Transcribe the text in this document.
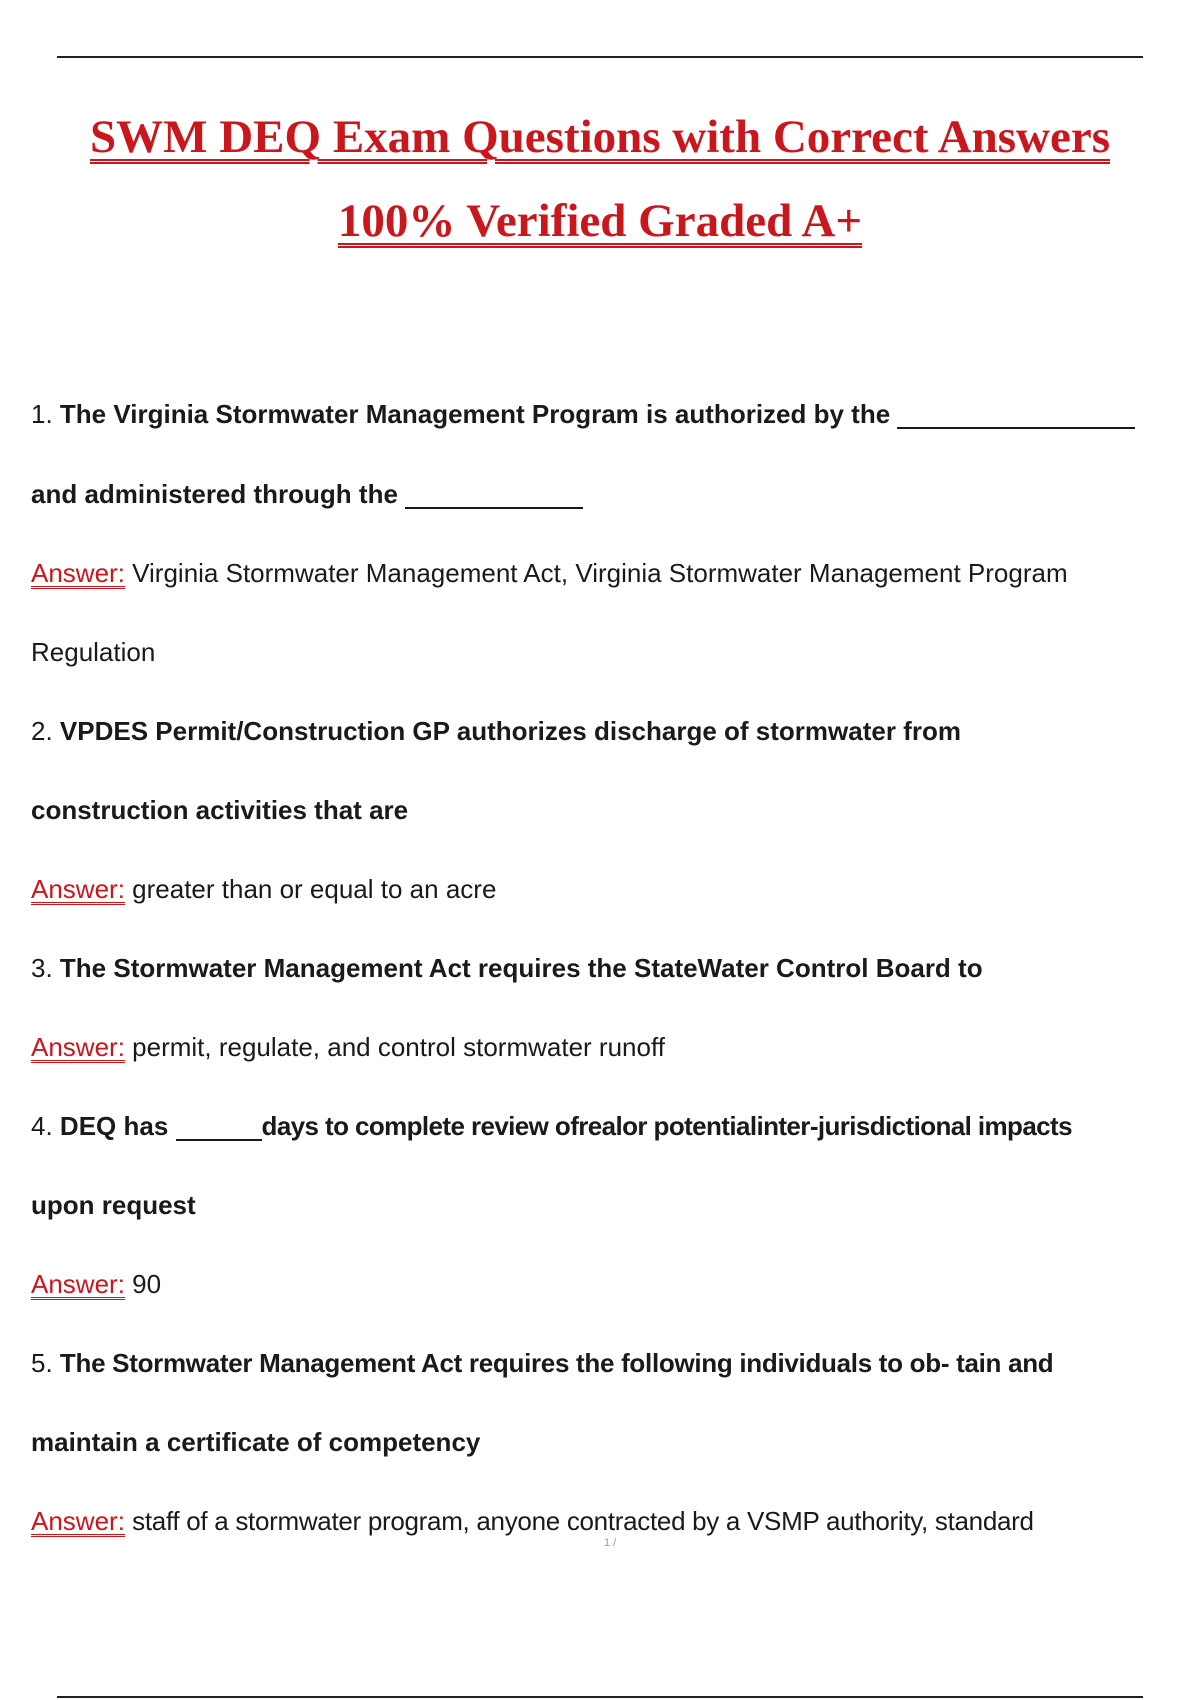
SWM DEQ Exam Questions with Correct Answers
100% Verified Graded A+
1. The Virginia Stormwater Management Program is authorized by the
and administered through the
Answer: Virginia Stormwater Management Act, Virginia Stormwater Management Program
Regulation
2. VPDES Permit/Construction GP authorizes discharge of stormwater from
construction activities that are
Answer: greater than or equal to an acre
3. The Stormwater Management Act requires the StateWater Control Board to
Answer: permit, regulate, and control stormwater runoff
4. DEQ has	days to complete review ofrealor potentialinter-jurisdictional impacts
upon request
Answer: 90
5. The Stormwater Management Act requires the following individuals to ob- tain and
maintain a certificate of competency
Answer: staff of a stormwater program, anyone contracted by a VSMP authority, standard
1 /
